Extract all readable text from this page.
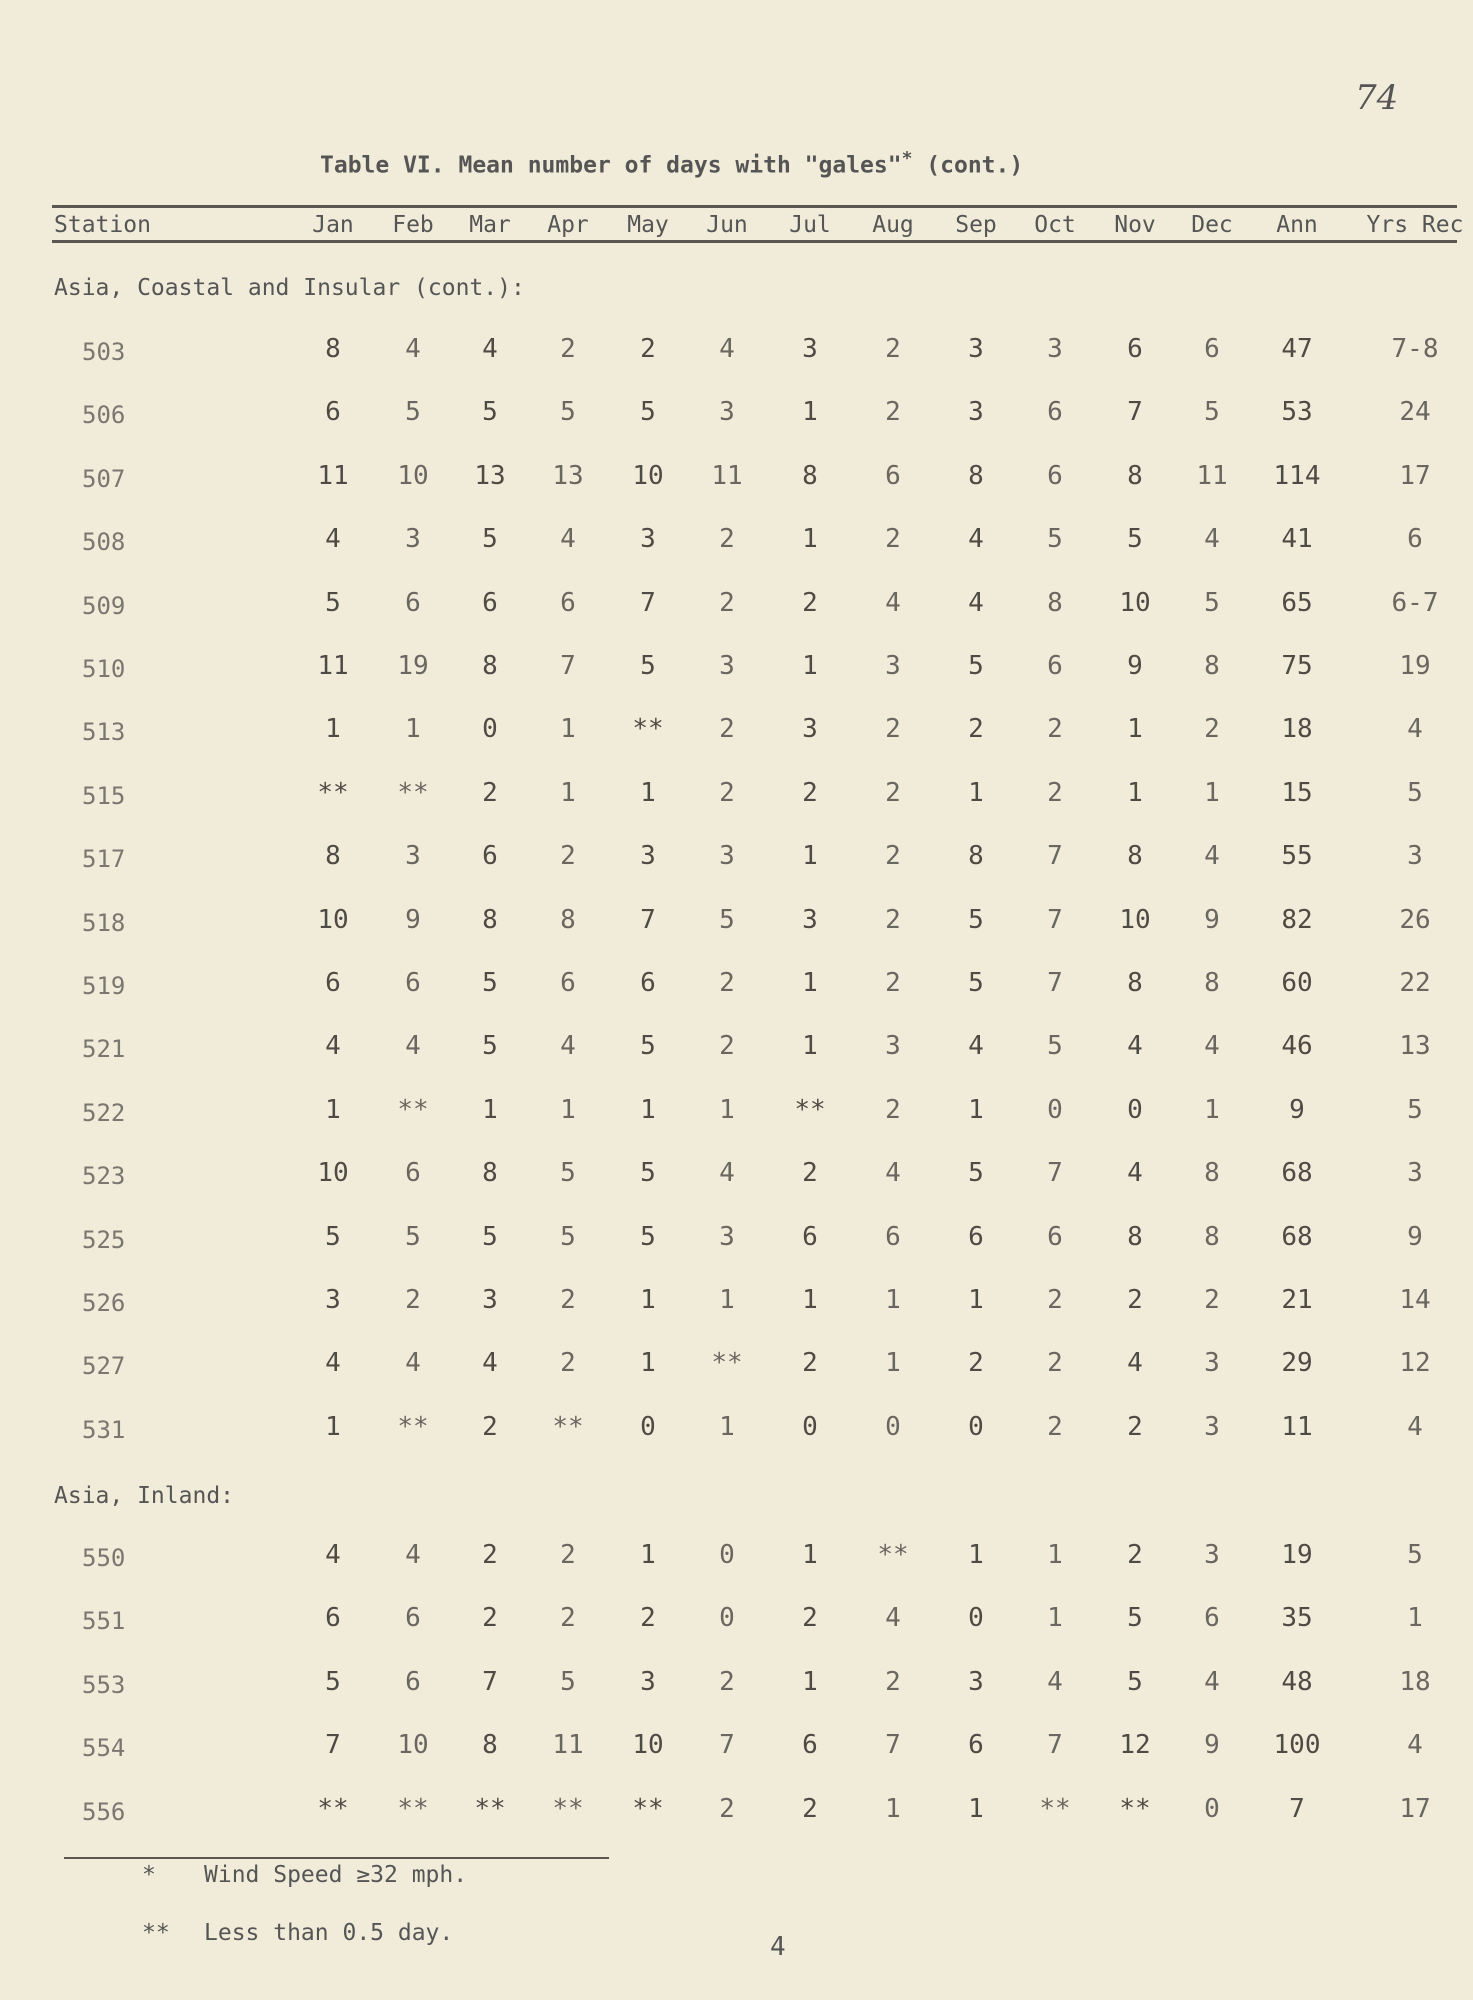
74
Table VI. Mean number of days with "gales"* (cont.)
Station	Jan Feb Mar Apr May Jun Jul Aug Sep Oct Nov Dec Ann Yrs Rec
Asia, Coastal and Insular (cont.):
503	8 4 4 2 2 4	3	2	3 3 6 6 47	7-8
506	6 5 5 5 5 3	1	2	3 6 7 5 53	24
507	11 10 13 13 10 11 8	6	8 6 8 11 114	17
508	4 3 5 4 3 2	1	2	4 5 5 4 41	6
509	5 6 6 6 7 2	2	4	4 8 10 5 65	6-7
510	11 19 8 7 5 3	1	3	5 6 9 8 75	19
513	1 1 0 1 ** 2	3	2	2 2 1 2 18	4
515	** ** 2 1 1 2	2	2	1 2 1 1 15	5
517	8 3 6 2 3 3	1	2	8 7 8 4 55	3
518	10 9 8 8 7 5	3	2	5 7 10 9 82	26
519	6 6 5 6 6 2	1	2	5 7 8 8 60	22
521	4 4 5 4 5 2	1	3	4 5 4 4 46	13
522	1 ** 1 1 1 1 ** 2	1 0 0 1	9	5
523	10 6 8 5 5 4	2	4	5 7 4 8 68	3
525	5 5 5 5 5 3	6	6	6 6 8 8 68	9
526	3 2 3 2 1 1	1	1	1 2 2 2 21	14
527	4 4 4 2 1 ** 2	1	2 2 4 3 29	12
531	1 ** 2 ** 0 1	0	0	0 2 2 3 11	4
Asia, Inland:
550	4 4 2 2 1 0	1 ** 1 1 2 3 19	5
551	6 6 2 2 2 0	2	4	0 1 5 6 35	1
553	5 6 7 5 3 2	1	2	3 4 5 4 48	18
554	7 10 8 11 10 7	6	7	6 7 12 9 100	4
556	** ** ** ** ** 2	2	1	1 ** ** 0	7	17
* Wind Speed ≥32 mph.
** Less than 0.5 day.	4
